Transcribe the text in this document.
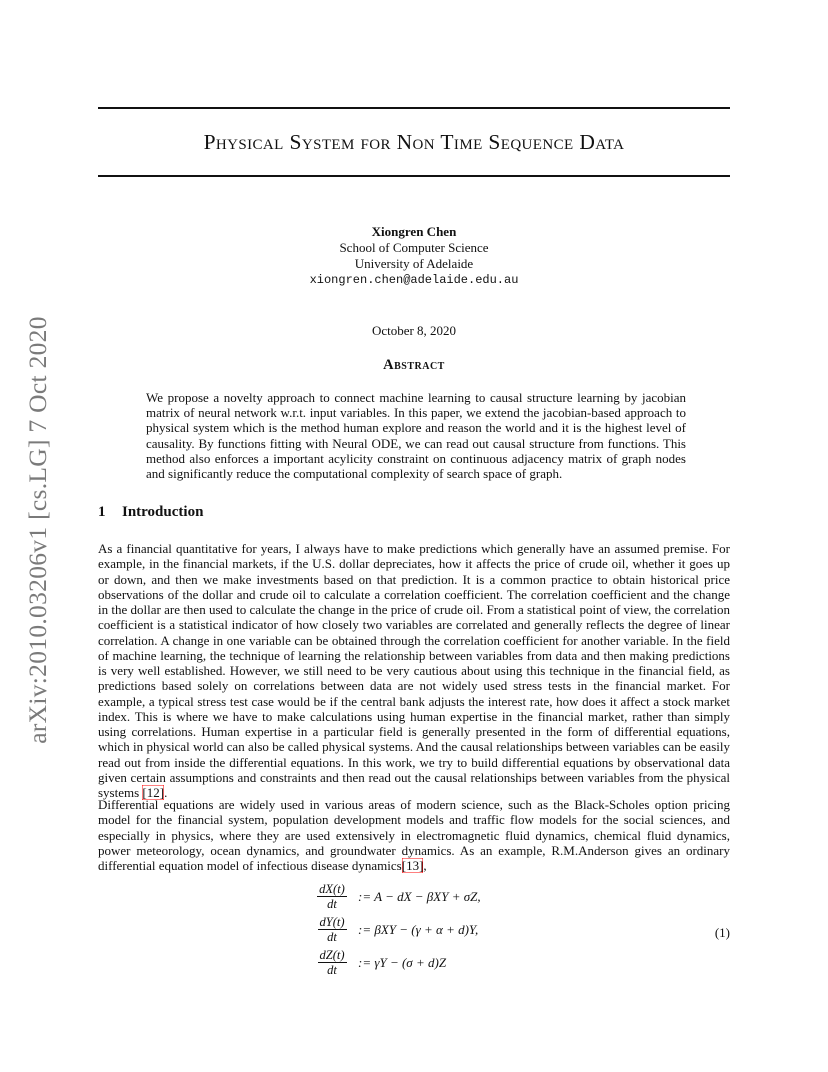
arXiv:2010.03206v1 [cs.LG] 7 Oct 2020
Physical System for Non Time Sequence Data
Xiongren Chen
School of Computer Science
University of Adelaide
xiongren.chen@adelaide.edu.au
October 8, 2020
Abstract
We propose a novelty approach to connect machine learning to causal structure learning by jacobian matrix of neural network w.r.t. input variables. In this paper, we extend the jacobian-based approach to physical system which is the method human explore and reason the world and it is the highest level of causality. By functions fitting with Neural ODE, we can read out causal structure from functions. This method also enforces a important acylicity constraint on continuous adjacency matrix of graph nodes and significantly reduce the computational complexity of search space of graph.
1 Introduction
As a financial quantitative for years, I always have to make predictions which generally have an assumed premise. For example, in the financial markets, if the U.S. dollar depreciates, how it affects the price of crude oil, whether it goes up or down, and then we make investments based on that prediction. It is a common practice to obtain historical price observations of the dollar and crude oil to calculate a correlation coefficient. The correlation coefficient and the change in the dollar are then used to calculate the change in the price of crude oil. From a statistical point of view, the correlation coefficient is a statistical indicator of how closely two variables are correlated and generally reflects the degree of linear correlation. A change in one variable can be obtained through the correlation coefficient for another variable. In the field of machine learning, the technique of learning the relationship between variables from data and then making predictions is very well established. However, we still need to be very cautious about using this technique in the financial field, as predictions based solely on correlations between data are not widely used stress tests in the financial market. For example, a typical stress test case would be if the central bank adjusts the interest rate, how does it affect a stock market index. This is where we have to make calculations using human expertise in the financial market, rather than simply using correlations. Human expertise in a particular field is generally presented in the form of differential equations, which in physical world can also be called physical systems. And the causal relationships between variables can be easily read out from inside the differential equations. In this work, we try to build differential equations by observational data given certain assumptions and constraints and then read out the causal relationships between variables from the physical systems [12].
Differential equations are widely used in various areas of modern science, such as the Black-Scholes option pricing model for the financial system, population development models and traffic flow models for the social sciences, and especially in physics, where they are used extensively in electromagnetic fluid dynamics, chemical fluid dynamics, power meteorology, ocean dynamics, and groundwater dynamics. As an example, R.M.Anderson gives an ordinary differential equation model of infectious disease dynamics[13],
$\frac{dX(t)}{dt}$ := A − dX − βXY + σZ,
$\frac{dY(t)}{dt}$ := βXY − (γ + α + d)Y,
$\frac{dZ(t)}{dt}$ := γY − (σ + d)Z
(1)
